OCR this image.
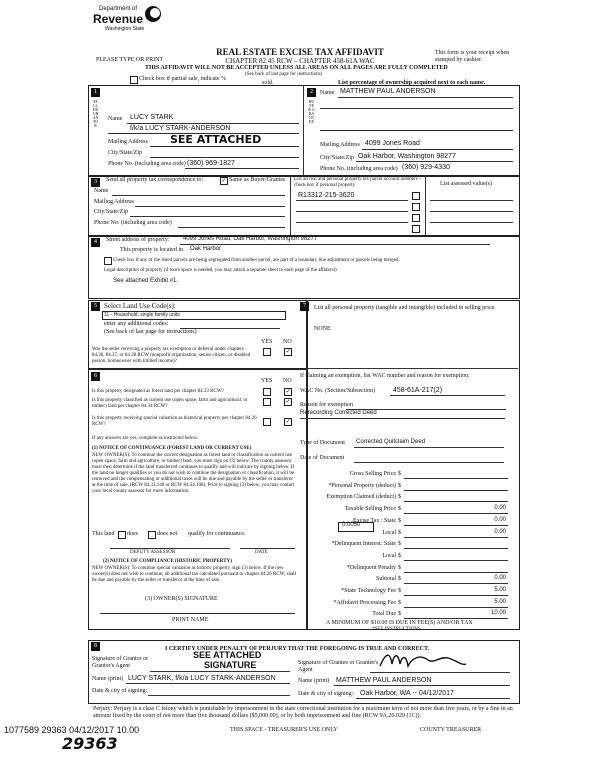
Department of
Revenue
Washington State
PLEASE TYPE OR PRINT
REAL ESTATE EXCISE TAX AFFIDAVIT
CHAPTER 82.45 RCW – CHAPTER 458-61A WAC
THIS AFFIDAVIT WILL NOT BE ACCEPTED UNLESS ALL AREAS ON ALL PAGES ARE FULLY COMPLETED
(See back of last page for instructions)
This form is your receipt when stamped by cashier.
Check box if partial sale, indicate %
sold.	List percentage of ownership acquired next to each name.
1
SELLER GRANTOR
Name LUCY STARK
f/k/a LUCY STARK-ANDERSON
Mailing Address SEE ATTACHED
City/State/Zip
Phone No. (including area code) (360) 969-1827
2
BUYER GRANTEE
Name MATTHEW PAUL ANDERSON
Mailing Address 4099 Jones Road
City/State/Zip Oak Harbor, Washington 98277
Phone No. (including area code) (360) 929-4330
3	Send all property tax correspondence to:	✓ Same as Buyer/Grantee
Name
Mailing Address
City/State/Zip
Phone No. (including area code)
List all real and personal property tax parcel account numbers – check box if personal property	List assessed value(s)
R13312-215-3620
4	Street address of property: 4099 Jones Road, Oak Harbor, Washington 98277
This property is located in Oak Harbor
Check box if any of the listed parcels are being segregated from another parcel, are part of a boundary line adjustment or parcels being merged.
Legal description of property (if more space is needed, you may attach a separate sheet to each page of the affidavit)
See attached Exhibit #1.
5	Select Land Use Code(s):
11 - Household, single family units
enter any additional codes:
(See back of last page for instructions)
YES NO
Was the seller receiving a property tax exemption or deferral under chapters 84.36, 84.37, or 84.38 RCW (nonprofit organization, senior citizen, or disabled person, homeowner with limited income)?
✓
6
YES NO
Is this property designated as forest land per chapter 84.33 RCW?	✓
Is this property classified as current use (open space, farm and agricultural, or timber) land per chapter 84.34 RCW?
✓
Is this property receiving special valuation as historical property per chapter 84.26 RCW?	✓
If any answers are yes, complete as instructed below.
(1) NOTICE OF CONTINUANCE (FOREST LAND OR CURRENT USE)
NEW OWNER(S): To continue the current designation as forest land or classification as current use (open space, farm and agriculture, or timber) land, you must sign on (3) below. The county assessor must then determine if the land transferred continues to qualify and will indicate by signing below. If the land no longer qualifies or you do not wish to continue the designation or classification, it will be removed and the compensating or additional taxes will be due and payable by the seller or transferor at the time of sale. (RCW 84.33.140 or RCW 84.34.108). Prior to signing (3) below, you may contact your local county assessor for more information.
This land does	does not qualify for continuance.
DEPUTY ASSESSOR	DATE
(2) NOTICE OF COMPLIANCE (HISTORIC PROPERTY)
NEW OWNER(S): To continue special valuation as historic property, sign (3) below. If the new owner(s) does not wish to continue, all additional tax calculated pursuant to chapter 84.26 RCW, shall be due and payable by the seller or transferor at the time of sale.
(3) OWNER(S) SIGNATURE
PRINT NAME
7	List all personal property (tangible and intangible) included in selling price.
NONE
If claiming an exemption, list WAC number and reason for exemption:
WAC No. (Section/Subsection)	458-61A-217(2)
Reason for exemption
Rerecording Corrected Deed
Type of Document Corrected Quitclaim Deed
Date of Document
Gross Selling Price $
*Personal Property (deduct) $
Exemption Claimed (deduct) $
Taxable Selling Price $	0.00
Excise Tax : State $	0.00
Local $	0.00
*Delinquent Interest: State $
Local $
*Delinquent Penalty $
Subtotal $	0.00
*State Technology Fee $	5.00
*Affidavit Processing Fee $	5.00
Total Due $	10.00
0.0050
A MINIMUM OF $10.00 IS DUE IN FEE(S) AND/OR TAX
*SEE INSTRUCTIONS
8	I CERTIFY UNDER PENALTY OF PERJURY THAT THE FOREGOING IS TRUE AND CORRECT.
Signature of Grantor or Grantor's Agent
SEE ATTACHED
SIGNATURE	Signature of Grantee or Grantee's Agent
Name (print) LUCY STARK, f/k/a LUCY STARK-ANDERSON	Name (print) MATTHEW PAUL ANDERSON
Date & city of signing:	Date & city of signing: Oak Harbor, WA -- 04/12/2017
Perjury: Perjury is a class C felony which is punishable by imprisonment in the state correctional institution for a maximum term of not more than five years, or by a fine in an amount fixed by the court of not more than five thousand dollars ($5,000.00), or by both imprisonment and fine (RCW 9A.20.020 (1C)).
1077589 29363 04/12/2017 10.00	THIS SPACE - TREASURER'S USE ONLY	COUNTY TREASURER
29363
